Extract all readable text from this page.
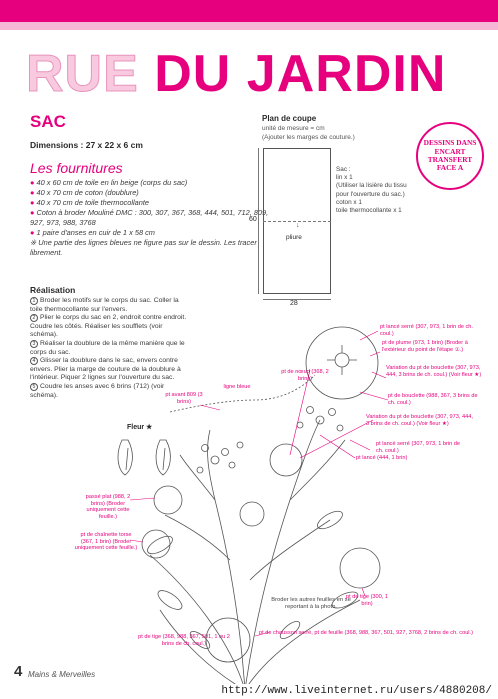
RUE DU JARDIN
SAC
Dimensions : 27 x 22 x 6 cm
Les fournitures
● 40 x 60 cm de toile en lin beige (corps du sac)
● 40 x 70 cm de coton (doublure)
● 40 x 70 cm de toile thermocollante
● Coton à broder Mouliné DMC : 300, 307, 367, 368, 444, 501, 712, 809, 927, 973, 988, 3768
● 1 paire d'anses en cuir de 1 x 58 cm
※ Une partie des lignes bleues ne figure pas sur le dessin. Les tracer librement.
Plan de coupe
unité de mesure = cm
(Ajouter les marges de couture.)
60
↓
pliure
28
Sac :
lin x 1
(Utiliser la lisière du tissu pour l'ouverture du sac.)
coton x 1
toile thermocollante x 1
DESSINS DANS ENCART TRANSFERT FACE A
Réalisation
1 Broder les motifs sur le corps du sac. Coller la toile thermocollante sur l'envers.
2 Plier le corps du sac en 2, endroit contre endroit. Coudre les côtés. Réaliser les soufflets (voir schéma).
3 Réaliser la doublure de la même manière que le corps du sac.
4 Glisser la doublure dans le sac, envers contre envers. Plier la marge de couture de la doublure à l'intérieur. Piquer 2 lignes sur l'ouverture du sac.
5 Coudre les anses avec 6 brins (712) (voir schéma).
Fleur ★
pt lancé serré (307, 973, 1 brin de ch. coul.)
pt de plume (973, 1 brin) (Broder à l'extérieur du point de l'étape ①.)
Variation du pt de bouclette (307, 973, 444, 3 brins de ch. coul.) (Voir fleur ★)
pt de bouclette (988, 367, 3 brins de ch. coul.)
Variation du pt de bouclette (307, 973, 444, 3 brins de ch. coul.) (Voir fleur ★)
pt lancé serré (307, 973, 1 brin de ch. coul.)
pt lancé (444, 1 brin)
pt de nœud (368, 2 brins)
ligne bleue
pt avant 809 (3 brins)
passé plat (988, 2 brins) (Broder uniquement cette feuille.)
pt de chaînette torse (367, 1 brin) (Broder uniquement cette feuille.)
Broder les autres feuilles en se reportant à la photo.
pt de tige (300, 1 brin)
pt de tige (368, 988, 367, 501, 1 ou 2 brins de ch. coul.)
pt de chausson serré, pt de feuille (368, 988, 367, 501, 927, 3768, 2 brins de ch. coul.)
4 Mains & Merveilles
http://www.liveinternet.ru/users/4880208/
